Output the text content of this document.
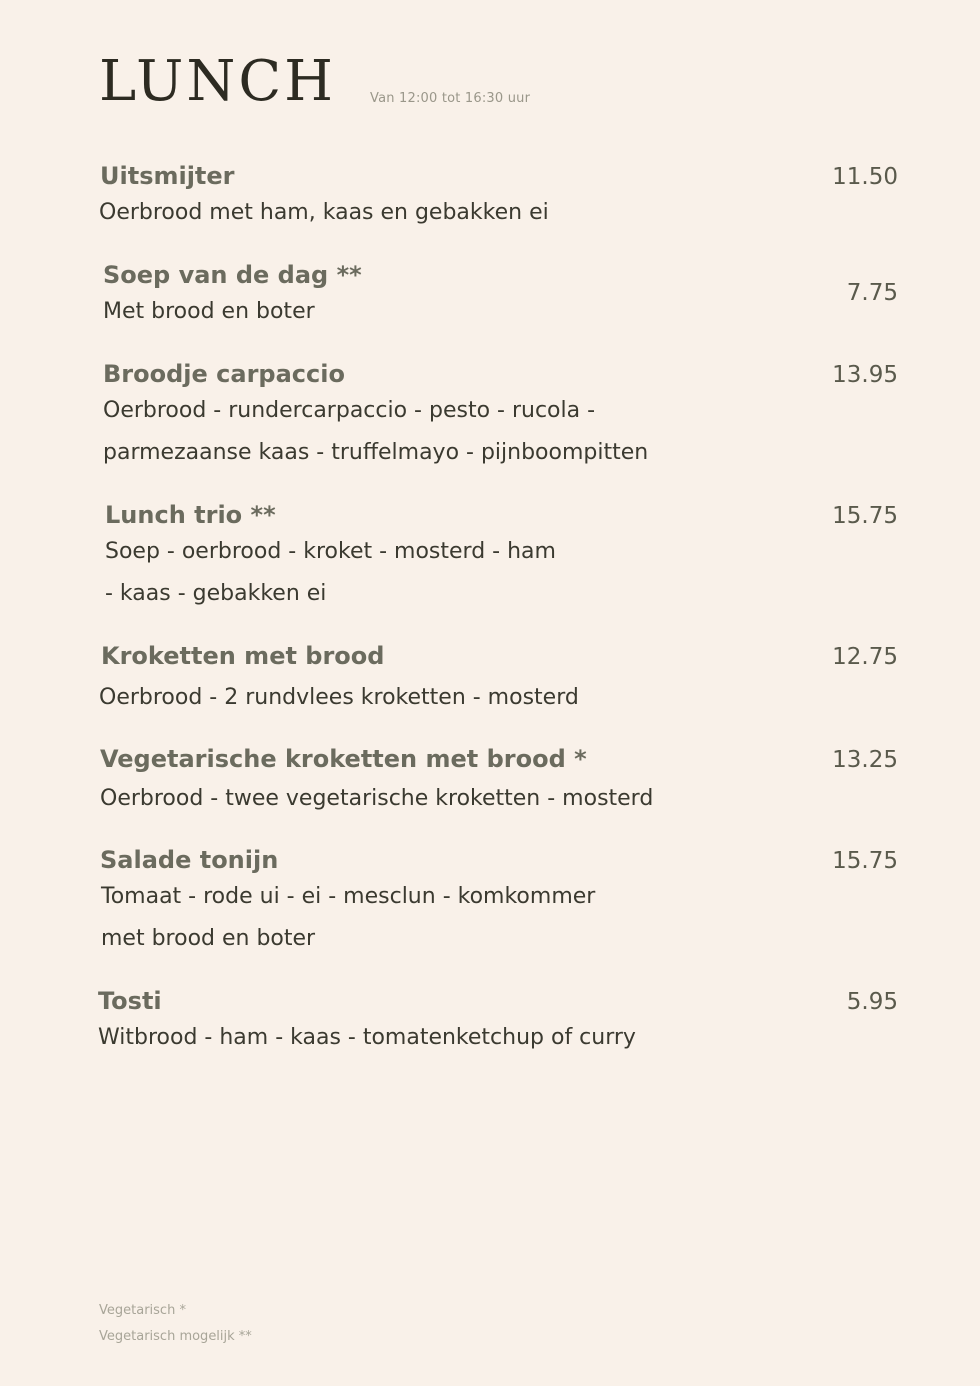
LUNCH	Van 12:00 tot 16:30 uur
Uitsmijter
Oerbrood met ham, kaas en gebakken ei
11.50
Soep van de dag **
Met brood en boter
7.75
Broodje carpaccio
Oerbrood - rundercarpaccio - pesto - rucola -
parmezaanse kaas - truffelmayo - pijnboompitten
13.95
Lunch trio **
Soep - oerbrood - kroket - mosterd - ham
- kaas - gebakken ei
15.75
Kroketten met brood
Oerbrood - 2 rundvlees kroketten - mosterd
12.75
Vegetarische kroketten met brood *
Oerbrood - twee vegetarische kroketten - mosterd
13.25
Salade tonijn
Tomaat - rode ui - ei - mesclun - komkommer
met brood en boter
15.75
Tosti
Witbrood - ham - kaas - tomatenketchup of curry
5.95
Vegetarisch *
Vegetarisch mogelijk **
